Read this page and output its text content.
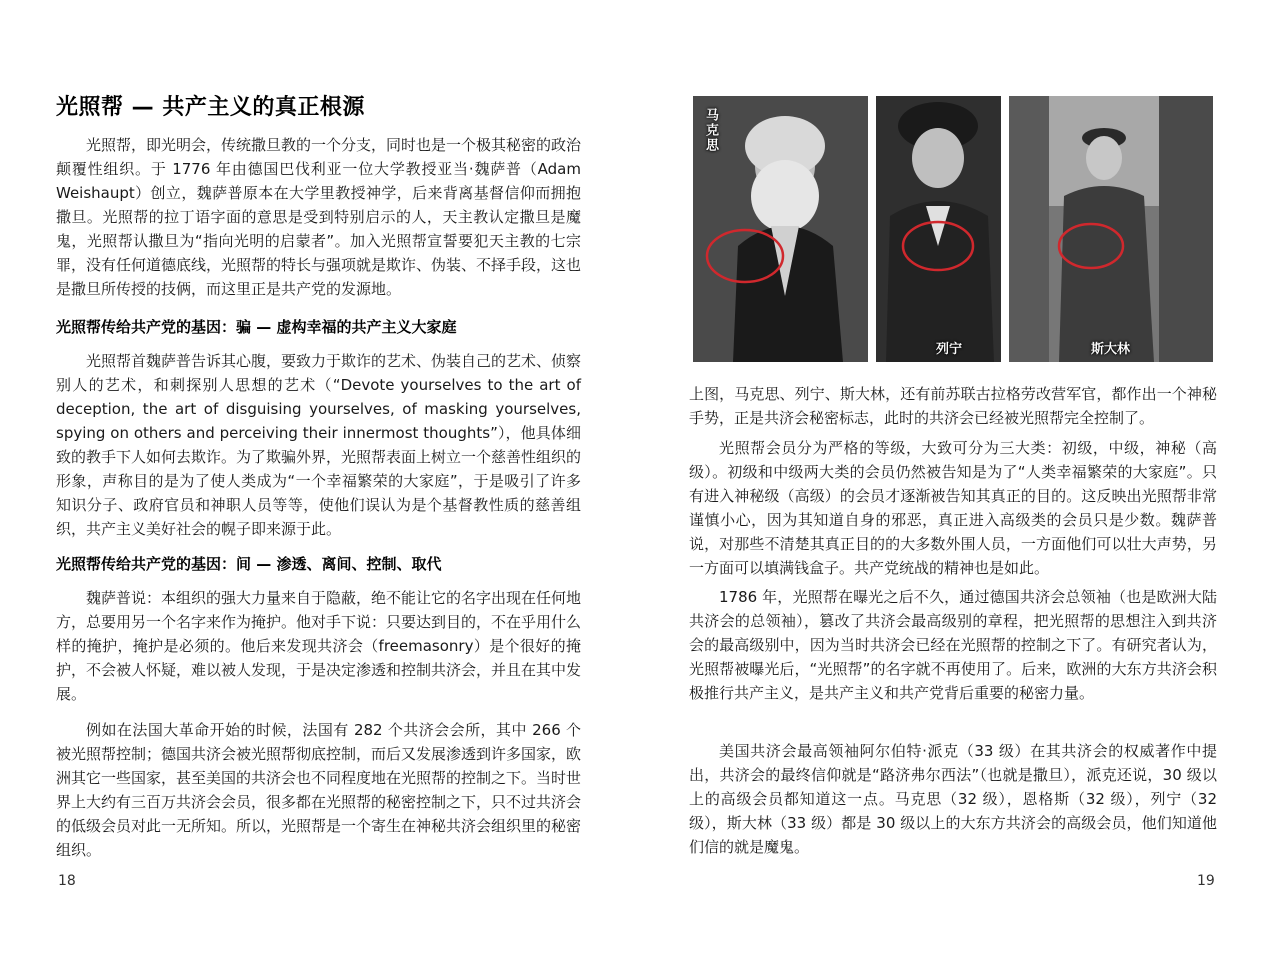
光照帮 — 共产主义的真正根源

光照帮，即光明会，传统撒旦教的一个分支，同时也是一个极其秘密的政治颠覆性组织。于 1776 年由德国巴伐利亚一位大学教授亚当·魏萨普（Adam Weishaupt）创立，魏萨普原本在大学里教授神学，后来背离基督信仰而拥抱撒旦。光照帮的拉丁语字面的意思是受到特别启示的人，天主教认定撒旦是魔鬼，光照帮认撒旦为“指向光明的启蒙者”。加入光照帮宣誓要犯天主教的七宗罪，没有任何道德底线，光照帮的特长与强项就是欺诈、伪装、不择手段，这也是撒旦所传授的技俩，而这里正是共产党的发源地。

光照帮传给共产党的基因：骗 — 虚构幸福的共产主义大家庭

光照帮首魏萨普告诉其心腹，要致力于欺诈的艺术、伪装自己的艺术、侦察别人的艺术，和刺探别人思想的艺术（“Devote yourselves to the art of deception, the art of disguising yourselves, of masking yourselves, spying on others and perceiving their innermost thoughts”），他具体细致的教手下人如何去欺诈。为了欺骗外界，光照帮表面上树立一个慈善性组织的形象，声称目的是为了使人类成为“一个幸福繁荣的大家庭”，于是吸引了许多知识分子、政府官员和神职人员等等，使他们误认为是个基督教性质的慈善组织，共产主义美好社会的幌子即来源于此。

光照帮传给共产党的基因：间 — 渗透、离间、控制、取代

魏萨普说：本组织的强大力量来自于隐蔽，绝不能让它的名字出现在任何地方，总要用另一个名字来作为掩护。他对手下说：只要达到目的，不在乎用什么样的掩护，掩护是必须的。他后来发现共济会（freemasonry）是个很好的掩护，不会被人怀疑，难以被人发现，于是决定渗透和控制共济会，并且在其中发展。

例如在法国大革命开始的时候，法国有 282 个共济会会所，其中 266 个被光照帮控制；德国共济会被光照帮彻底控制，而后又发展渗透到许多国家，欧洲其它一些国家，甚至美国的共济会也不同程度地在光照帮的控制之下。当时世界上大约有三百万共济会会员，很多都在光照帮的秘密控制之下，只不过共济会的低级会员对此一无所知。所以，光照帮是一个寄生在神秘共济会组织里的秘密组织。

18
马克思
列宁	斯大林

上图，马克思、列宁、斯大林，还有前苏联古拉格劳改营军官，都作出一个神秘手势，正是共济会秘密标志，此时的共济会已经被光照帮完全控制了。

光照帮会员分为严格的等级，大致可分为三大类：初级，中级，神秘（高级）。初级和中级两大类的会员仍然被告知是为了“人类幸福繁荣的大家庭”。只有进入神秘级（高级）的会员才逐渐被告知其真正的目的。这反映出光照帮非常谨慎小心，因为其知道自身的邪恶，真正进入高级类的会员只是少数。魏萨普说，对那些不清楚其真正目的的大多数外围人员，一方面他们可以壮大声势，另一方面可以填满钱盒子。共产党统战的精神也是如此。

1786 年，光照帮在曝光之后不久，通过德国共济会总领袖（也是欧洲大陆共济会的总领袖），篡改了共济会最高级别的章程，把光照帮的思想注入到共济会的最高级别中，因为当时共济会已经在光照帮的控制之下了。有研究者认为，光照帮被曝光后，“光照帮”的名字就不再使用了。后来，欧洲的大东方共济会积极推行共产主义，是共产主义和共产党背后重要的秘密力量。

美国共济会最高领袖阿尔伯特·派克（33 级）在其共济会的权威著作中提出，共济会的最终信仰就是“路济弗尔西法”（也就是撒旦），派克还说，30 级以上的高级会员都知道这一点。马克思（32 级），恩格斯（32 级），列宁（32 级），斯大林（33 级）都是 30 级以上的大东方共济会的高级会员，他们知道他们信的就是魔鬼。

19
